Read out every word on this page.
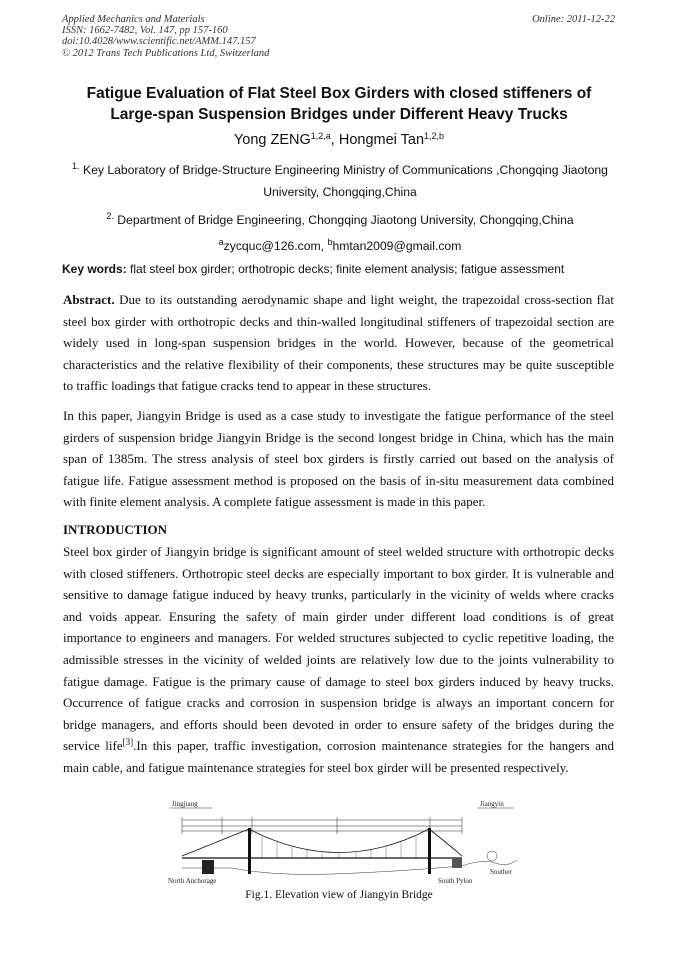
Applied Mechanics and Materials
ISSN: 1662-7482, Vol. 147, pp 157-160
doi:10.4028/www.scientific.net/AMM.147.157
© 2012 Trans Tech Publications Ltd, Switzerland
Online: 2011-12-22
Fatigue Evaluation of Flat Steel Box Girders with closed stiffeners of
Large-span Suspension Bridges under Different Heavy Trucks
Yong ZENG$^{1,2,a}$, Hongmei Tan$^{1,2,b}$
$^{1.}$ Key Laboratory of Bridge-Structure Engineering Ministry of Communications ,Chongqing Jiaotong University, Chongqing,China
$^{2.}$ Department of Bridge Engineering, Chongqing Jiaotong University, Chongqing,China
$^a$zycquc@126.com, $^b$hmtan2009@gmail.com
Key words: flat steel box girder; orthotropic decks; finite element analysis; fatigue assessment
Abstract. Due to its outstanding aerodynamic shape and light weight, the trapezoidal cross-section flat steel box girder with orthotropic decks and thin-walled longitudinal stiffeners of trapezoidal section are widely used in long-span suspension bridges in the world. However, because of the geometrical characteristics and the relative flexibility of their components, these structures may be quite susceptible to traffic loadings that fatigue cracks tend to appear in these structures.
In this paper, Jiangyin Bridge is used as a case study to investigate the fatigue performance of the steel girders of suspension bridge Jiangyin Bridge is the second longest bridge in China, which has the main span of 1385m. The stress analysis of steel box girders is firstly carried out based on the analysis of fatigue life. Fatigue assessment method is proposed on the basis of in-situ measurement data combined with finite element analysis. A complete fatigue assessment is made in this paper.
INTRODUCTION
Steel box girder of Jiangyin bridge is significant amount of steel welded structure with orthotropic decks with closed stiffeners. Orthotropic steel decks are especially important to box girder. It is vulnerable and sensitive to damage fatigue induced by heavy trunks, particularly in the vicinity of welds where cracks and voids appear. Ensuring the safety of main girder under different load conditions is of great importance to engineers and managers. For welded structures subjected to cyclic repetitive loading, the admissible stresses in the vicinity of welded joints are relatively low due to the joints vulnerability to fatigue damage. Fatigue is the primary cause of damage to steel box girders induced by heavy trucks. Occurrence of fatigue cracks and corrosion in suspension bridge is always an important concern for bridge managers, and efforts should been devoted in order to ensure safety of the bridges during the service life[3].In this paper, traffic investigation, corrosion maintenance strategies for the hangers and main cable, and fatigue maintenance strategies for steel box girder will be presented respectively.
Jingjiang	Jiangyin
North Anchorage	South Pylon
Souther
Fig.1. Elevation view of Jiangyin Bridge
